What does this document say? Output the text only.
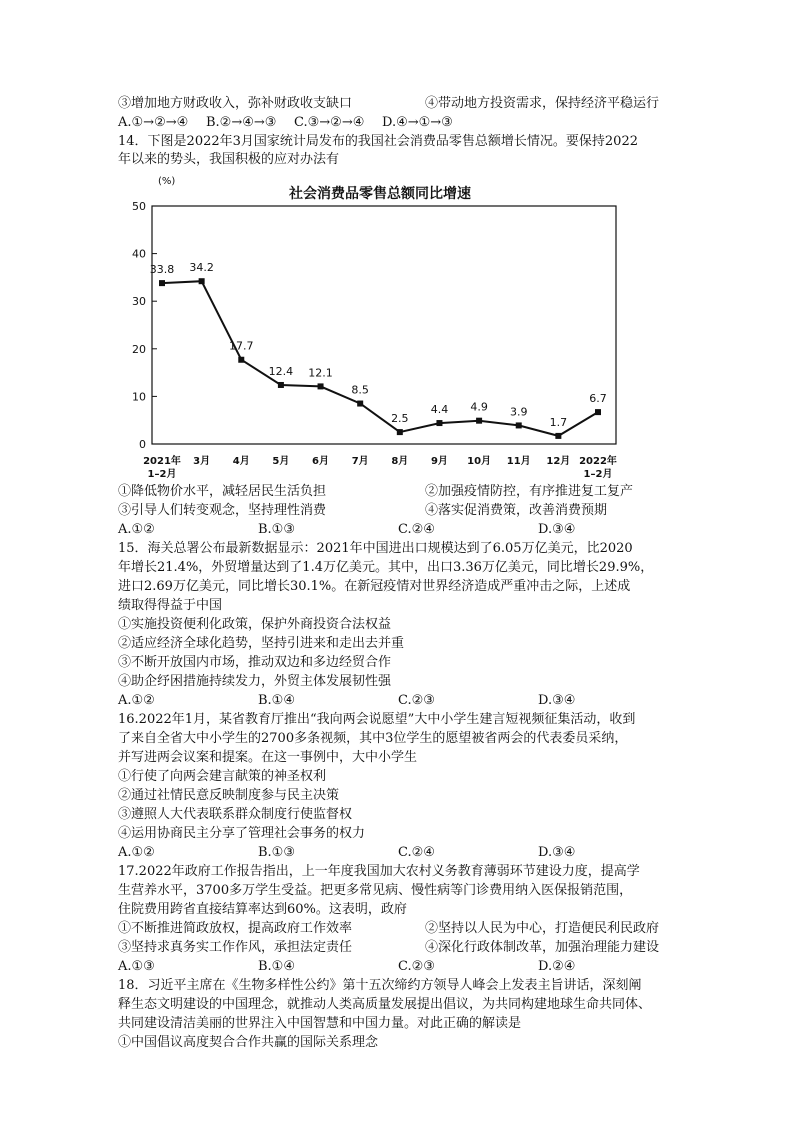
③增加地方财政收入，弥补财政收支缺口	④带动地方投资需求，保持经济平稳运行
A.①→②→④ B.②→④→③ C.③→②→④ D.④→①→③
14．下图是2022年3月国家统计局发布的我国社会消费品零售总额增长情况。要保持2022
年以来的势头，我国积极的应对办法有
(%)
社会消费品零售总额同比增速
0
10
20
30
40
50
2021年
1–2月
3月 4月 5月 6月 7月 8月 9月 10月 11月 12月 2022年
1–2月
33.8 34.2
17.7
12.4 12.1
8.5
2.5
4.4 4.9 3.9
1.7
6.7
①降低物价水平，减轻居民生活负担	②加强疫情防控，有序推进复工复产
③引导人们转变观念，坚持理性消费	④落实促消费策，改善消费预期
A.①②	B.①③	C.②④	D.③④
15．海关总署公布最新数据显示：2021年中国进出口规模达到了6.05万亿美元，比2020
年增长21.4%，外贸增量达到了1.4万亿美元。其中，出口3.36万亿美元，同比增长29.9%，
进口2.69万亿美元，同比增长30.1%。在新冠疫情对世界经济造成严重冲击之际，上述成
绩取得得益于中国
①实施投资便利化政策，保护外商投资合法权益
②适应经济全球化趋势，坚持引进来和走出去并重
③不断开放国内市场，推动双边和多边经贸合作
④助企纾困措施持续发力，外贸主体发展韧性强
A.①②	B.①④	C.②③	D.③④
16.2022年1月，某省教育厅推出“我向两会说愿望”大中小学生建言短视频征集活动，收到
了来自全省大中小学生的2700多条视频，其中3位学生的愿望被省两会的代表委员采纳，
并写进两会议案和提案。在这一事例中，大中小学生
①行使了向两会建言献策的神圣权利
②通过社情民意反映制度参与民主决策
③遵照人大代表联系群众制度行使监督权
④运用协商民主分享了管理社会事务的权力
A.①②	B.①③	C.②④	D.③④
17.2022年政府工作报告指出，上一年度我国加大农村义务教育薄弱环节建设力度，提高学
生营养水平，3700多万学生受益。把更多常见病、慢性病等门诊费用纳入医保报销范围，
住院费用跨省直接结算率达到60%。这表明，政府
①不断推进简政放权，提高政府工作效率	②坚持以人民为中心，打造便民利民政府
③坚持求真务实工作作风，承担法定责任	④深化行政体制改革，加强治理能力建设
A.①③	B.①④	C.②③	D.②④
18．习近平主席在《生物多样性公约》第十五次缔约方领导人峰会上发表主旨讲话，深刻阐
释生态文明建设的中国理念，就推动人类高质量发展提出倡议，为共同构建地球生命共同体、
共同建设清洁美丽的世界注入中国智慧和中国力量。对此正确的解读是
①中国倡议高度契合合作共赢的国际关系理念
